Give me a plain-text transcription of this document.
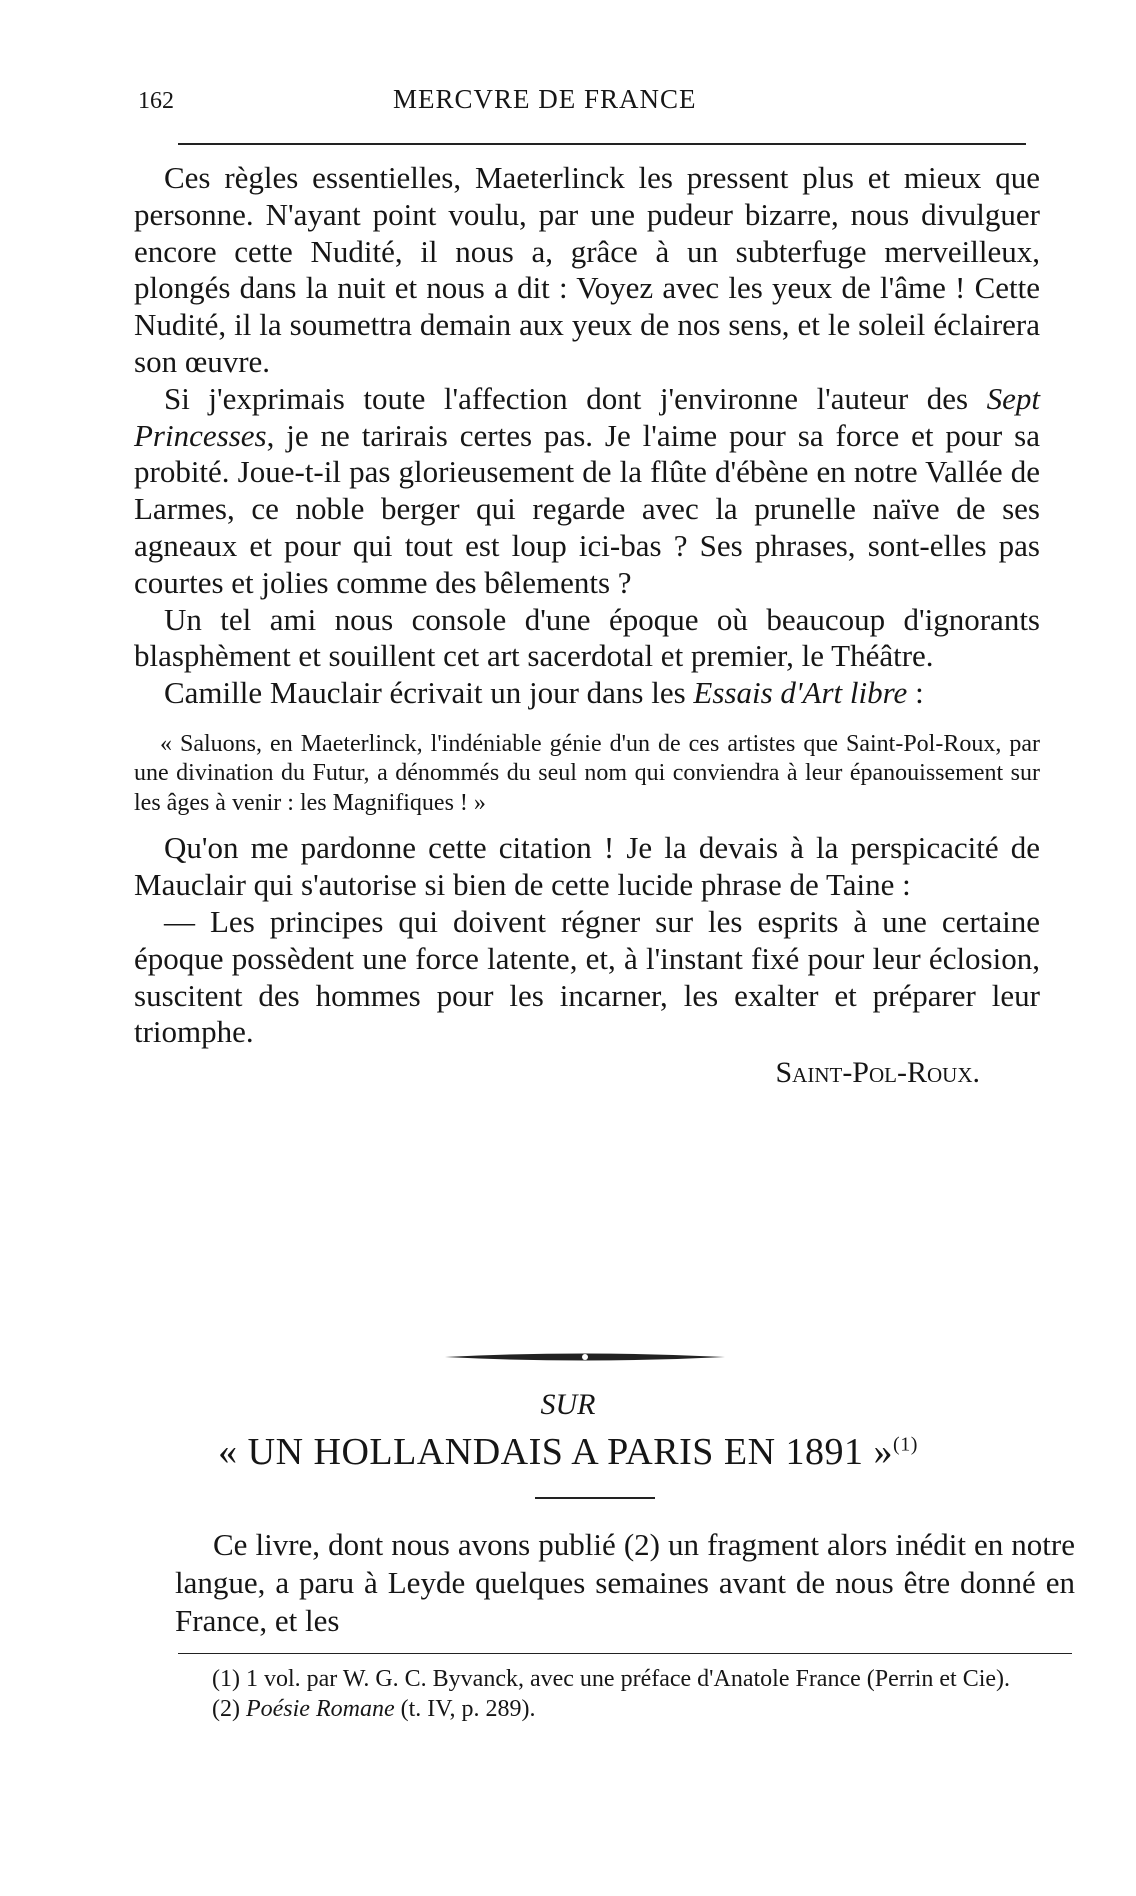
162	MERCVRE DE FRANCE

Ces règles essentielles, Maeterlinck les pressent plus et mieux que personne. N'ayant point voulu, par une pudeur bizarre, nous divulguer encore cette Nudité, il nous a, grâce à un subterfuge merveilleux, plongés dans la nuit et nous a dit : Voyez avec les yeux de l'âme ! Cette Nudité, il la soumettra demain aux yeux de nos sens, et le soleil éclairera son œuvre.

Si j'exprimais toute l'affection dont j'environne l'auteur des Sept Princesses, je ne tarirais certes pas. Je l'aime pour sa force et pour sa probité. Joue-t-il pas glorieusement de la flûte d'ébène en notre Vallée de Larmes, ce noble berger qui regarde avec la prunelle naïve de ses agneaux et pour qui tout est loup ici-bas ? Ses phrases, sont-elles pas courtes et jolies comme des bêlements ?

Un tel ami nous console d'une époque où beaucoup d'ignorants blasphèment et souillent cet art sacerdotal et premier, le Théâtre.

Camille Mauclair écrivait un jour dans les Essais d'Art libre :

« Saluons, en Maeterlinck, l'indéniable génie d'un de ces artistes que Saint-Pol-Roux, par une divination du Futur, a dénommés du seul nom qui conviendra à leur épanouissement sur les âges à venir : les Magnifiques ! »

Qu'on me pardonne cette citation ! Je la devais à la perspicacité de Mauclair qui s'autorise si bien de cette lucide phrase de Taine :

— Les principes qui doivent régner sur les esprits à une certaine époque possèdent une force latente, et, à l'instant fixé pour leur éclosion, suscitent des hommes pour les incarner, les exalter et préparer leur triomphe.

Saint-Pol-Roux.
SUR
« UN HOLLANDAIS A PARIS EN 1891 »$^{(1)}$

Ce livre, dont nous avons publié (2) un fragment alors inédit en notre langue, a paru à Leyde quelques semaines avant de nous être donné en France, et les

(1) 1 vol. par W. G. C. Byvanck, avec une préface d'Anatole France (Perrin et Cie).

(2) Poésie Romane (t. IV, p. 289).
